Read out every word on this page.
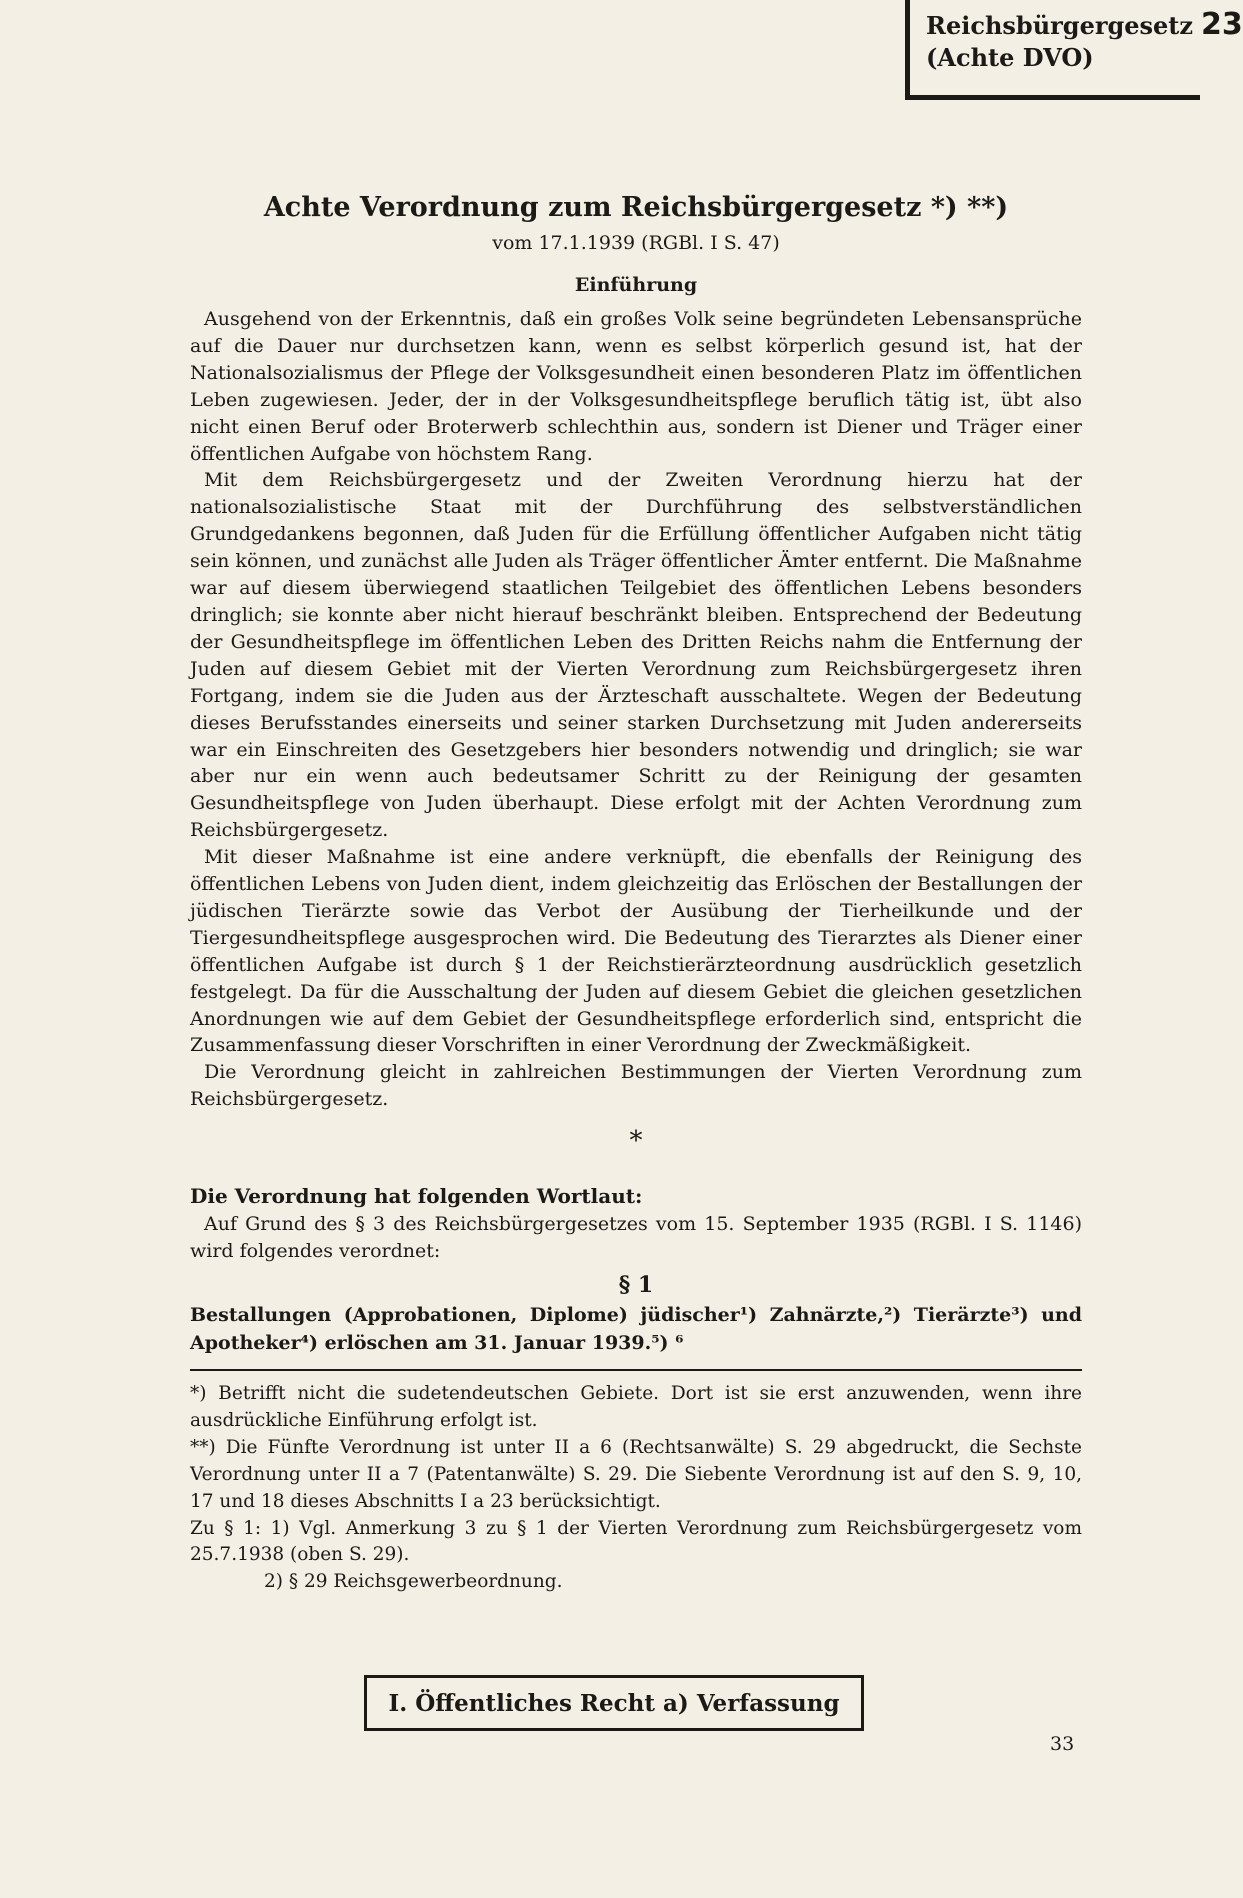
Reichsbürgergesetz 23
(Achte DVO)
Achte Verordnung zum Reichsbürgergesetz *) **)

vom 17.1.1939 (RGBl. I S. 47)

Einführung

Ausgehend von der Erkenntnis, daß ein großes Volk seine begründeten Lebensansprüche auf die Dauer nur durchsetzen kann, wenn es selbst körperlich gesund ist, hat der Nationalsozialismus der Pflege der Volksgesundheit einen besonderen Platz im öffentlichen Leben zugewiesen. Jeder, der in der Volksgesundheitspflege beruflich tätig ist, übt also nicht einen Beruf oder Broterwerb schlechthin aus, sondern ist Diener und Träger einer öffentlichen Aufgabe von höchstem Rang.

Mit dem Reichsbürgergesetz und der Zweiten Verordnung hierzu hat der nationalsozialistische Staat mit der Durchführung des selbstverständlichen Grundgedankens begonnen, daß Juden für die Erfüllung öffentlicher Aufgaben nicht tätig sein können, und zunächst alle Juden als Träger öffentlicher Ämter entfernt. Die Maßnahme war auf diesem überwiegend staatlichen Teilgebiet des öffentlichen Lebens besonders dringlich; sie konnte aber nicht hierauf beschränkt bleiben. Entsprechend der Bedeutung der Gesundheitspflege im öffentlichen Leben des Dritten Reichs nahm die Entfernung der Juden auf diesem Gebiet mit der Vierten Verordnung zum Reichsbürgergesetz ihren Fortgang, indem sie die Juden aus der Ärzteschaft ausschaltete. Wegen der Bedeutung dieses Berufsstandes einerseits und seiner starken Durchsetzung mit Juden andererseits war ein Einschreiten des Gesetzgebers hier besonders notwendig und dringlich; sie war aber nur ein wenn auch bedeutsamer Schritt zu der Reinigung der gesamten Gesundheitspflege von Juden überhaupt. Diese erfolgt mit der Achten Verordnung zum Reichsbürgergesetz.

Mit dieser Maßnahme ist eine andere verknüpft, die ebenfalls der Reinigung des öffentlichen Lebens von Juden dient, indem gleichzeitig das Erlöschen der Bestallungen der jüdischen Tierärzte sowie das Verbot der Ausübung der Tierheilkunde und der Tiergesundheitspflege ausgesprochen wird. Die Bedeutung des Tierarztes als Diener einer öffentlichen Aufgabe ist durch § 1 der Reichstierärzteordnung ausdrücklich gesetzlich festgelegt. Da für die Ausschaltung der Juden auf diesem Gebiet die gleichen gesetzlichen Anordnungen wie auf dem Gebiet der Gesundheitspflege erforderlich sind, entspricht die Zusammenfassung dieser Vorschriften in einer Verordnung der Zweckmäßigkeit.

Die Verordnung gleicht in zahlreichen Bestimmungen der Vierten Verordnung zum Reichsbürgergesetz.

*

Die Verordnung hat folgenden Wortlaut:

Auf Grund des § 3 des Reichsbürgergesetzes vom 15. September 1935 (RGBl. I S. 1146) wird folgendes verordnet:

§ 1

Bestallungen (Approbationen, Diplome) jüdischer¹) Zahnärzte,²) Tierärzte³) und Apotheker⁴) erlöschen am 31. Januar 1939.⁵) ⁶

*) Betrifft nicht die sudetendeutschen Gebiete. Dort ist sie erst anzuwenden, wenn ihre ausdrückliche Einführung erfolgt ist.

**) Die Fünfte Verordnung ist unter II a 6 (Rechtsanwälte) S. 29 abgedruckt, die Sechste Verordnung unter II a 7 (Patentanwälte) S. 29. Die Siebente Verordnung ist auf den S. 9, 10, 17 und 18 dieses Abschnitts I a 23 berücksichtigt.

Zu § 1: 1) Vgl. Anmerkung 3 zu § 1 der Vierten Verordnung zum Reichsbürgergesetz vom 25.7.1938 (oben S. 29).

2) § 29 Reichsgewerbeordnung.

I. Öffentliches Recht a) Verfassung
33
